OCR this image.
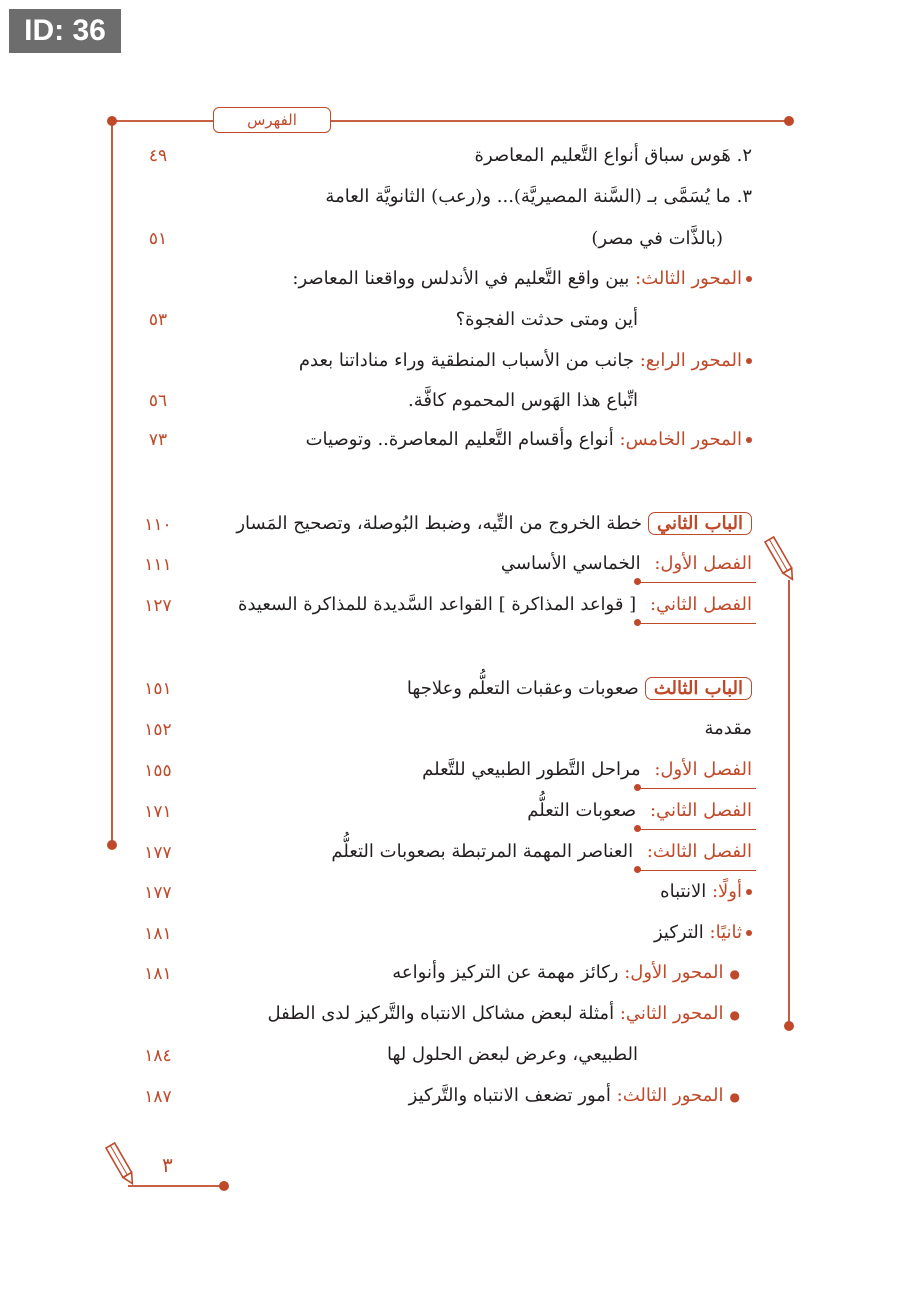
ID: 36
الفهرس
٢. هَوس سباق أنواع التَّعليم المعاصرة
٤٩
٣. ما يُسَمَّى بـ (السَّنة المصيريَّة)... و(رعب) الثانويَّة العامة
(بالذَّات في مصر)
٥١
المحور الثالث: بين واقع التَّعليم في الأندلس وواقعنا المعاصر:
أين ومتى حدثت الفجوة؟
٥٣
المحور الرابع: جانب من الأسباب المنطقية وراء مناداتنا بعدم
اتِّباع هذا الهَوس المحموم كافَّة.
٥٦
المحور الخامس: أنواع وأقسام التَّعليم المعاصرة.. وتوصيات
٧٣
الباب الثانيخطة الخروج من التِّيه، وضبط البُوصلة، وتصحيح المَسار
١١٠
الفصل الأول:
الخماسي الأساسي
١١١
الفصل الثاني:
[ قواعد المذاكرة ] القواعد السَّديدة للمذاكرة السعيدة
١٢٧
الباب الثالثصعوبات وعقبات التعلُّم وعلاجها
١٥١
مقدمة
١٥٢
الفصل الأول:
مراحل التَّطور الطبيعي للتَّعلم
١٥٥
الفصل الثاني:
صعوبات التعلُّم
١٧١
الفصل الثالث:
العناصر المهمة المرتبطة بصعوبات التعلُّم
١٧٧
أولًا: الانتباه
١٧٧
ثانيًا: التركيز
١٨١
●المحور الأول: ركائز مهمة عن التركيز وأنواعه
١٨١
●المحور الثاني: أمثلة لبعض مشاكل الانتباه والتَّركيز لدى الطفل
الطبيعي، وعرض لبعض الحلول لها
١٨٤
●المحور الثالث: أمور تضعف الانتباه والتَّركيز
١٨٧
٣
